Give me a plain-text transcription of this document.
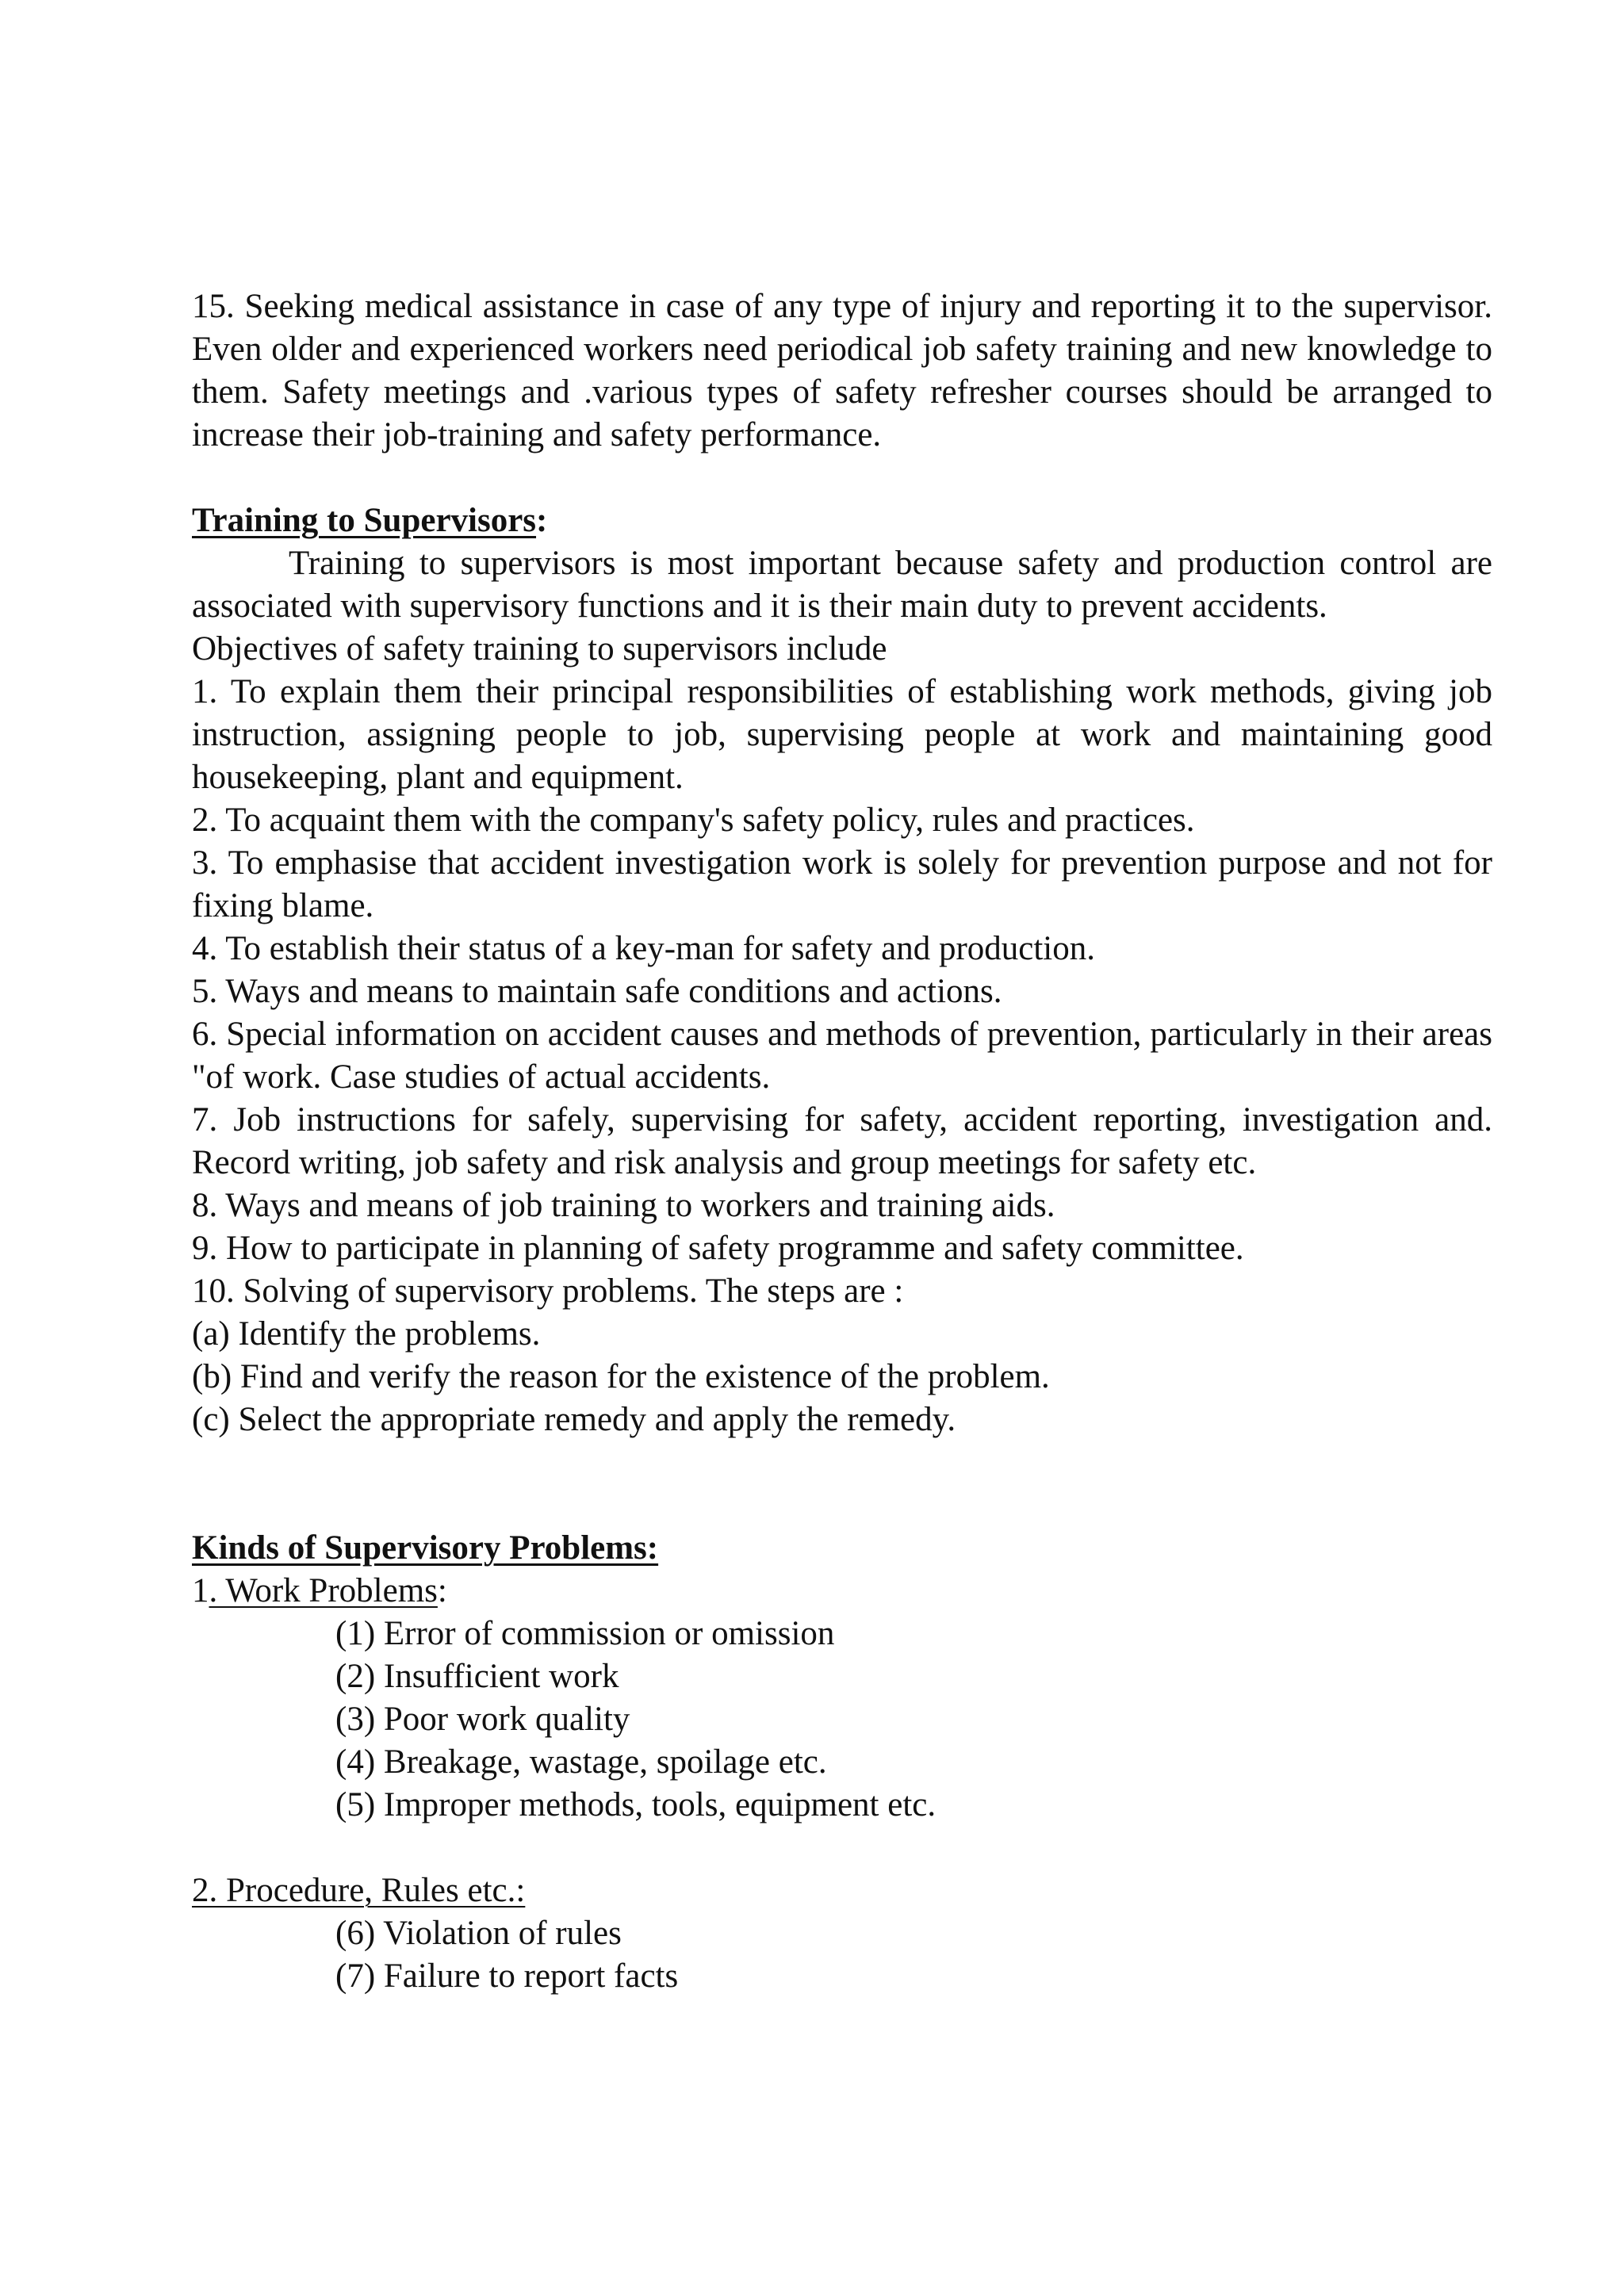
15. Seeking medical assistance in case of any type of injury and reporting it to the supervisor. Even older and experienced workers need periodical job safety training and new knowledge to them. Safety meetings and .various types of safety refresher courses should be arranged to increase their job-training and safety performance.

Training to Supervisors:

Training to supervisors is most important because safety and production control are associated with supervisory functions and it is their main duty to prevent accidents.
Objectives of safety training to supervisors include

1. To explain them their principal responsibilities of establishing work methods, giving job instruction, assigning people to job, supervising people at work and maintaining good housekeeping, plant and equipment.

2. To acquaint them with the company's safety policy, rules and practices.

3. To emphasise that accident investigation work is solely for prevention purpose and not for fixing blame.

4. To establish their status of a key-man for safety and production.

5. Ways and means to maintain safe conditions and actions.

6. Special information on accident causes and methods of prevention, particularly in their areas "of work. Case studies of actual accidents.

7. Job instructions for safely, supervising for safety, accident reporting, investigation and. Record writing, job safety and risk analysis and group meetings for safety etc.

8. Ways and means of job training to workers and training aids.

9. How to participate in planning of safety programme and safety committee.

10. Solving of supervisory problems. The steps are :

(a) Identify the problems.

(b) Find and verify the reason for the existence of the problem.

(c) Select the appropriate remedy and apply the remedy.

Kinds of Supervisory Problems:

1. Work Problems:

(1) Error of commission or omission

(2) Insufficient work

(3) Poor work quality

(4) Breakage, wastage, spoilage etc.

(5) Improper methods, tools, equipment etc.

2. Procedure, Rules etc.:

(6) Violation of rules

(7) Failure to report facts
